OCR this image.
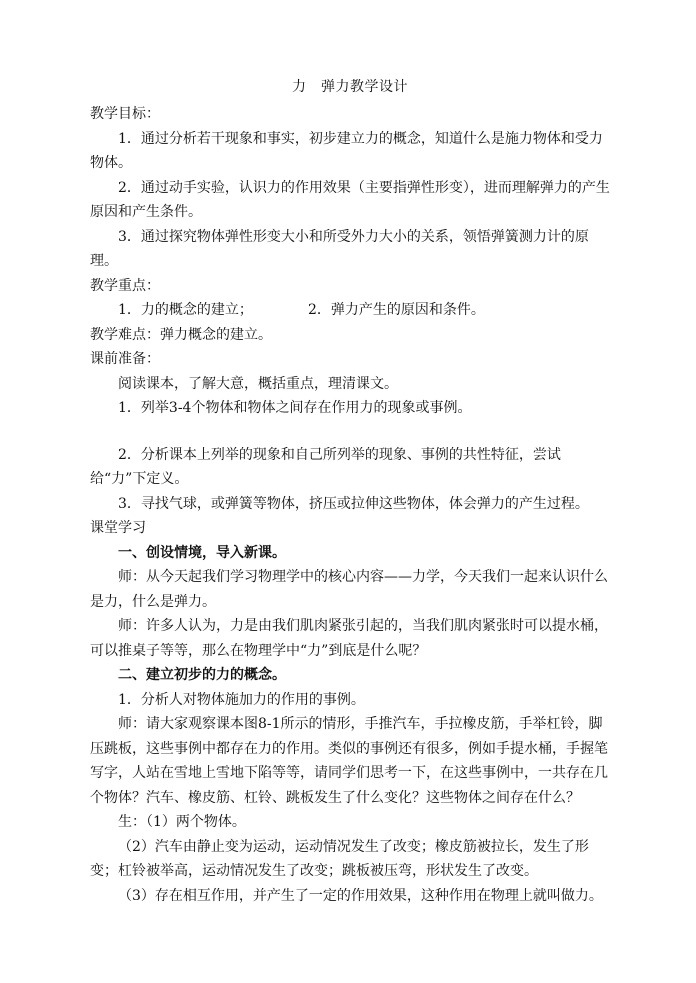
力　弹力教学设计

教学目标：

1．通过分析若干现象和事实，初步建立力的概念，知道什么是施力物体和受力物体。

2．通过动手实验，认识力的作用效果（主要指弹性形变），进而理解弹力的产生原因和产生条件。

3．通过探究物体弹性形变大小和所受外力大小的关系，领悟弹簧测力计的原理。

教学重点：

1．力的概念的建立；	2．弹力产生的原因和条件。

教学难点：弹力概念的建立。

课前准备：

阅读课本，了解大意，概括重点，理清课文。

1．列举3-4个物体和物体之间存在作用力的现象或事例。

2．分析课本上列举的现象和自己所列举的现象、事例的共性特征，尝试给“力”下定义。

3．寻找气球，或弹簧等物体，挤压或拉伸这些物体，体会弹力的产生过程。

课堂学习

一、创设情境，导入新课。

师：从今天起我们学习物理学中的核心内容——力学，今天我们一起来认识什么是力，什么是弹力。

师：许多人认为，力是由我们肌肉紧张引起的，当我们肌肉紧张时可以提水桶，可以推桌子等等，那么在物理学中“力”到底是什么呢？

二、建立初步的力的概念。

1．分析人对物体施加力的作用的事例。

师：请大家观察课本图8-1所示的情形，手推汽车，手拉橡皮筋，手举杠铃，脚压跳板，这些事例中都存在力的作用。类似的事例还有很多，例如手提水桶，手握笔写字，人站在雪地上雪地下陷等等，请同学们思考一下，在这些事例中，一共存在几个物体？汽车、橡皮筋、杠铃、跳板发生了什么变化？这些物体之间存在什么？

生：（1）两个物体。

（2）汽车由静止变为运动，运动情况发生了改变；橡皮筋被拉长，发生了形变；杠铃被举高，运动情况发生了改变；跳板被压弯，形状发生了改变。

（3）存在相互作用，并产生了一定的作用效果，这种作用在物理上就叫做力。
